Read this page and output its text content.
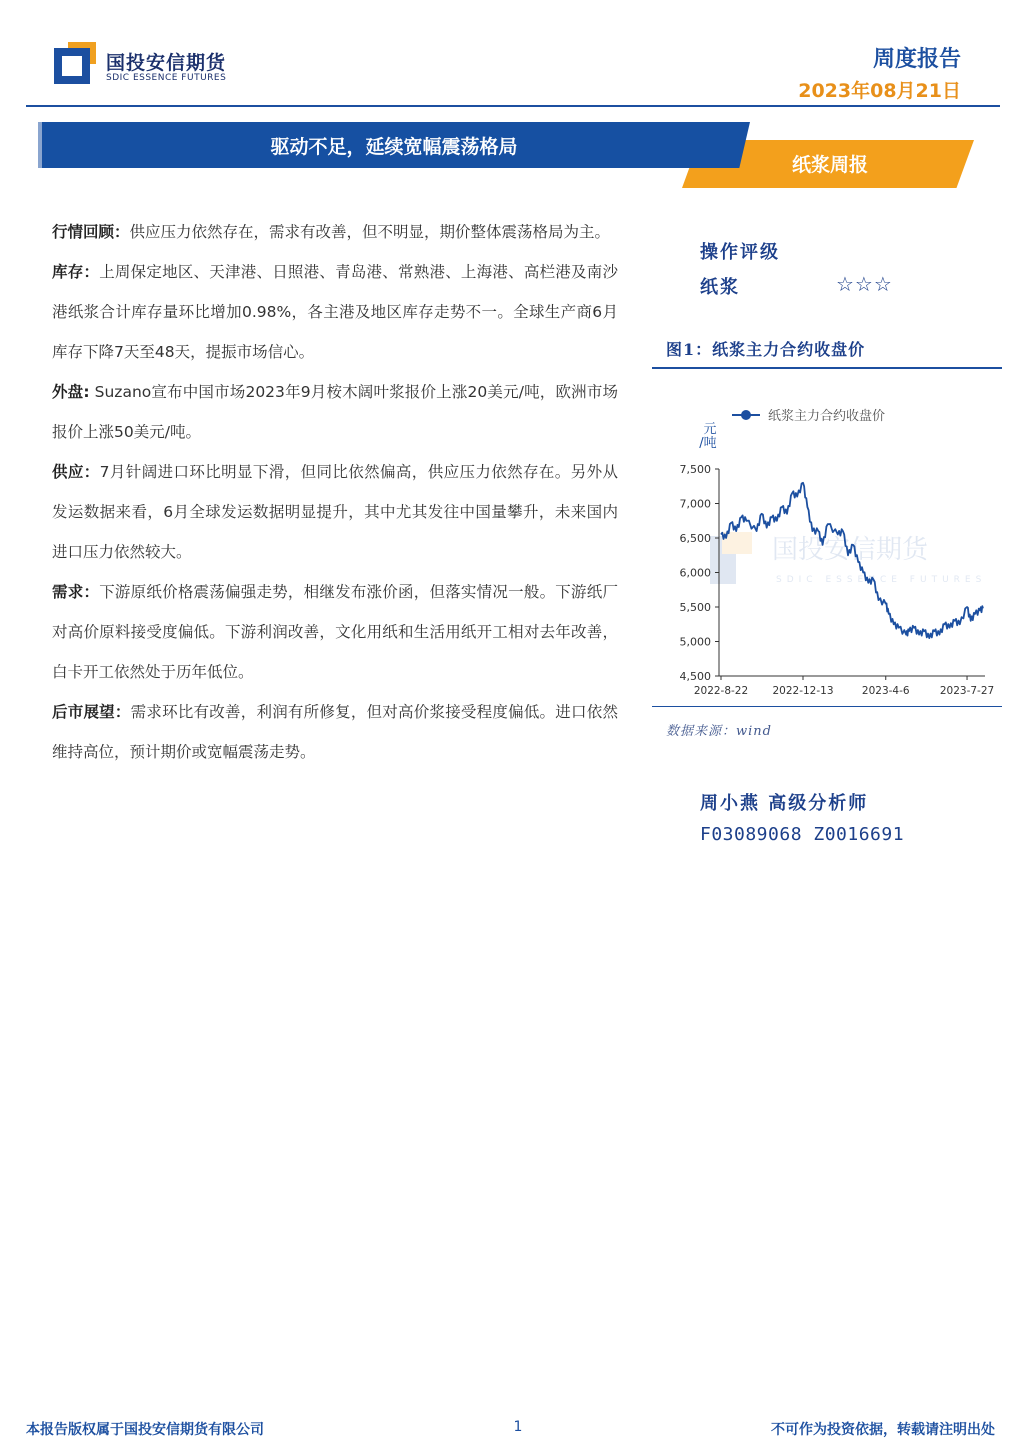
国投安信期货
SDIC ESSENCE FUTURES
周度报告
2023年08月21日
纸浆周报
驱动不足，延续宽幅震荡格局

行情回顾：供应压力依然存在，需求有改善，但不明显，期价整体震荡格局为主。

库存：上周保定地区、天津港、日照港、青岛港、常熟港、上海港、高栏港及南沙港纸浆合计库存量环比增加0.98%，各主港及地区库存走势不一。全球生产商6月库存下降7天至48天，提振市场信心。

外盘: Suzano宣布中国市场2023年9月桉木阔叶浆报价上涨20美元/吨，欧洲市场报价上涨50美元/吨。

供应：7月针阔进口环比明显下滑，但同比依然偏高，供应压力依然存在。另外从发运数据来看，6月全球发运数据明显提升，其中尤其发往中国量攀升，未来国内进口压力依然较大。

需求：下游原纸价格震荡偏强走势，相继发布涨价函，但落实情况一般。下游纸厂对高价原料接受度偏低。下游利润改善，文化用纸和生活用纸开工相对去年改善，白卡开工依然处于历年低位。

后市展望：需求环比有改善，利润有所修复，但对高价浆接受程度偏低。进口依然维持高位，预计期价或宽幅震荡走势。

操作评级
纸浆	☆☆☆
图1：纸浆主力合约收盘价
国投安信期货
SDIC ESSENCE FUTURES
纸浆主力合约收盘价
元
/吨
4,500
5,000
5,500
6,000
6,500
7,000
7,500
2022-8-22 2022-12-13	2023-4-6	2023-7-27
数据来源：wind
周小燕 高级分析师
F03089068 Z0016691
本报告版权属于国投安信期货有限公司	1	不可作为投资依据，转载请注明出处
